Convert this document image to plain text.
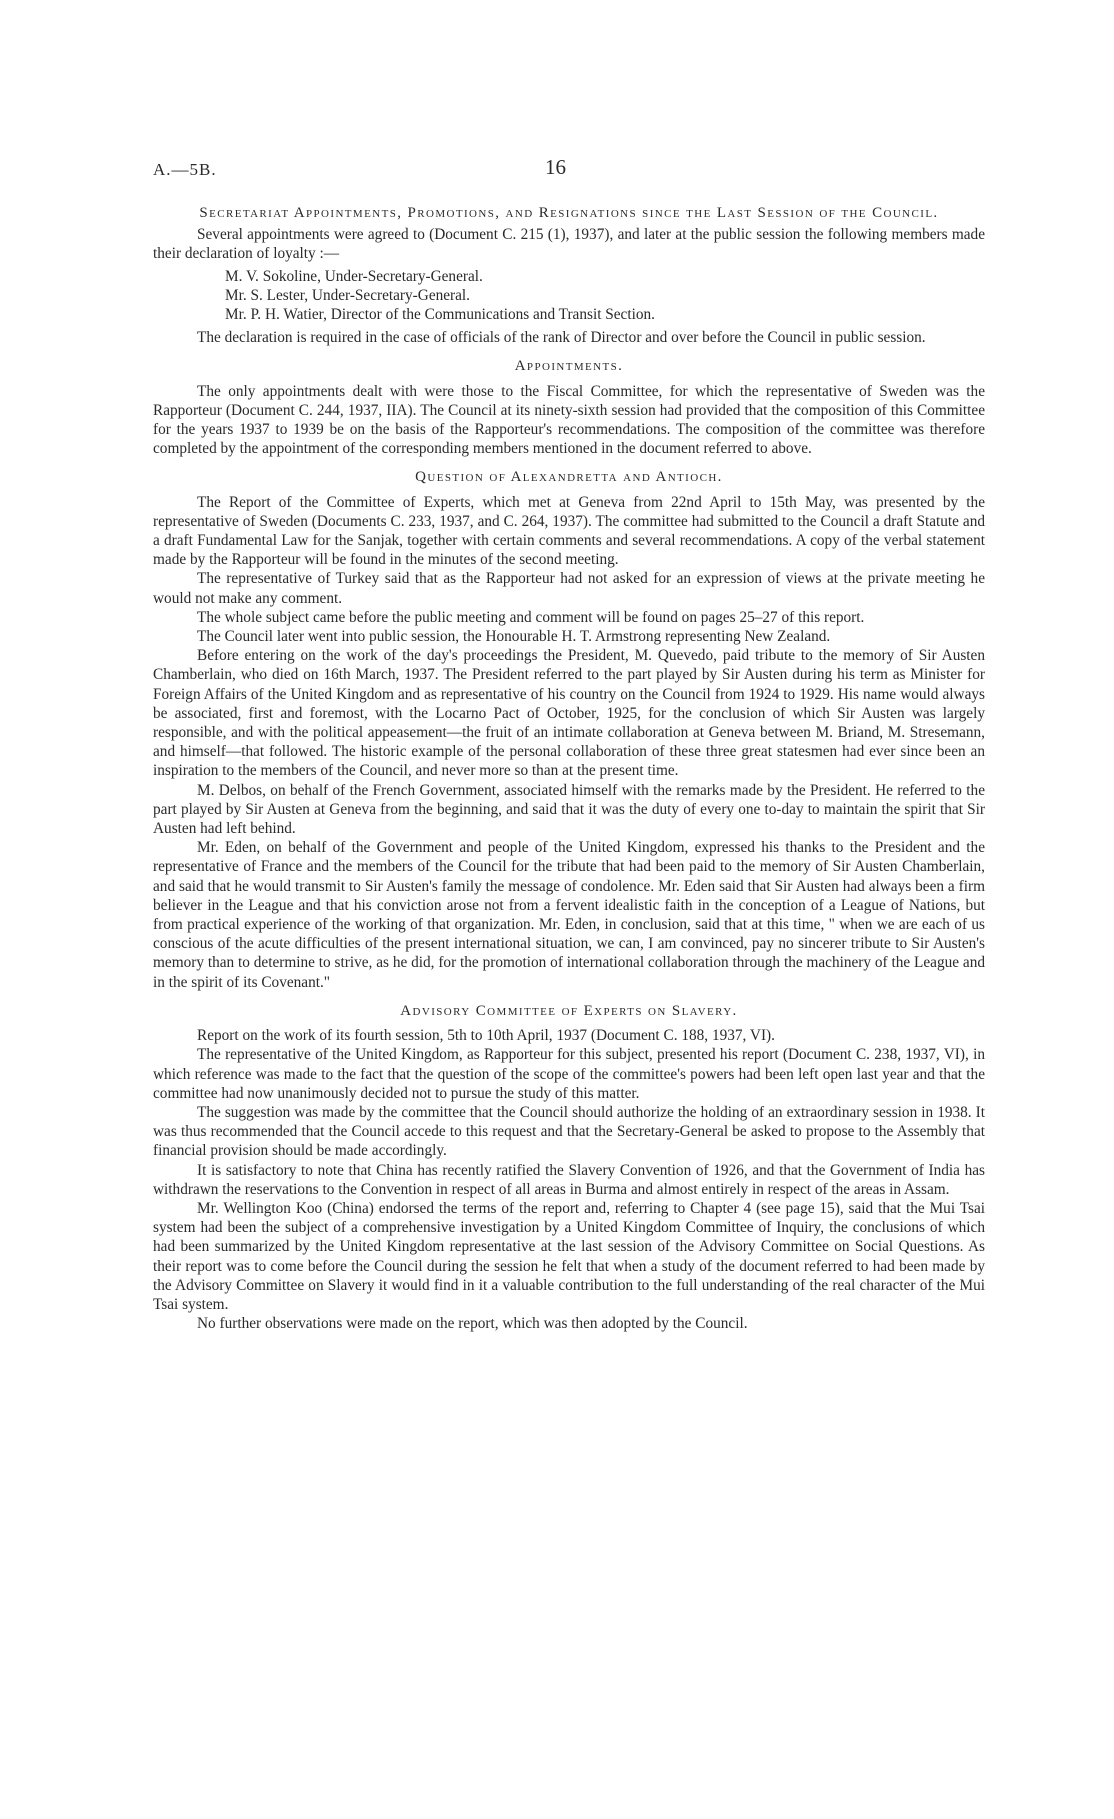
A.—5B.	16
Secretariat Appointments, Promotions, and Resignations since the Last Session of the Council.

Several appointments were agreed to (Document C. 215 (1), 1937), and later at the public session the following members made their declaration of loyalty :—

M. V. Sokoline, Under-Secretary-General.
Mr. S. Lester, Under-Secretary-General.
Mr. P. H. Watier, Director of the Communications and Transit Section.

The declaration is required in the case of officials of the rank of Director and over before the Council in public session.

Appointments.

The only appointments dealt with were those to the Fiscal Committee, for which the representative of Sweden was the Rapporteur (Document C. 244, 1937, IIA). The Council at its ninety-sixth session had provided that the composition of this Committee for the years 1937 to 1939 be on the basis of the Rapporteur's recommendations. The composition of the committee was therefore completed by the appointment of the corresponding members mentioned in the document referred to above.

Question of Alexandretta and Antioch.

The Report of the Committee of Experts, which met at Geneva from 22nd April to 15th May, was presented by the representative of Sweden (Documents C. 233, 1937, and C. 264, 1937). The committee had submitted to the Council a draft Statute and a draft Fundamental Law for the Sanjak, together with certain comments and several recommendations. A copy of the verbal statement made by the Rapporteur will be found in the minutes of the second meeting.

The representative of Turkey said that as the Rapporteur had not asked for an expression of views at the private meeting he would not make any comment.

The whole subject came before the public meeting and comment will be found on pages 25–27 of this report.

The Council later went into public session, the Honourable H. T. Armstrong representing New Zealand.

Before entering on the work of the day's proceedings the President, M. Quevedo, paid tribute to the memory of Sir Austen Chamberlain, who died on 16th March, 1937. The President referred to the part played by Sir Austen during his term as Minister for Foreign Affairs of the United Kingdom and as representative of his country on the Council from 1924 to 1929. His name would always be associated, first and foremost, with the Locarno Pact of October, 1925, for the conclusion of which Sir Austen was largely responsible, and with the political appeasement—the fruit of an intimate collaboration at Geneva between M. Briand, M. Stresemann, and himself—that followed. The historic example of the personal collaboration of these three great statesmen had ever since been an inspiration to the members of the Council, and never more so than at the present time.

M. Delbos, on behalf of the French Government, associated himself with the remarks made by the President. He referred to the part played by Sir Austen at Geneva from the beginning, and said that it was the duty of every one to-day to maintain the spirit that Sir Austen had left behind.

Mr. Eden, on behalf of the Government and people of the United Kingdom, expressed his thanks to the President and the representative of France and the members of the Council for the tribute that had been paid to the memory of Sir Austen Chamberlain, and said that he would transmit to Sir Austen's family the message of condolence. Mr. Eden said that Sir Austen had always been a firm believer in the League and that his conviction arose not from a fervent idealistic faith in the conception of a League of Nations, but from practical experience of the working of that organization. Mr. Eden, in conclusion, said that at this time, " when we are each of us conscious of the acute difficulties of the present international situation, we can, I am convinced, pay no sincerer tribute to Sir Austen's memory than to determine to strive, as he did, for the promotion of international collaboration through the machinery of the League and in the spirit of its Covenant."

Advisory Committee of Experts on Slavery.

Report on the work of its fourth session, 5th to 10th April, 1937 (Document C. 188, 1937, VI).

The representative of the United Kingdom, as Rapporteur for this subject, presented his report (Document C. 238, 1937, VI), in which reference was made to the fact that the question of the scope of the committee's powers had been left open last year and that the committee had now unanimously decided not to pursue the study of this matter.

The suggestion was made by the committee that the Council should authorize the holding of an extraordinary session in 1938. It was thus recommended that the Council accede to this request and that the Secretary-General be asked to propose to the Assembly that financial provision should be made accordingly.

It is satisfactory to note that China has recently ratified the Slavery Convention of 1926, and that the Government of India has withdrawn the reservations to the Convention in respect of all areas in Burma and almost entirely in respect of the areas in Assam.

Mr. Wellington Koo (China) endorsed the terms of the report and, referring to Chapter 4 (see page 15), said that the Mui Tsai system had been the subject of a comprehensive investigation by a United Kingdom Committee of Inquiry, the conclusions of which had been summarized by the United Kingdom representative at the last session of the Advisory Committee on Social Questions. As their report was to come before the Council during the session he felt that when a study of the document referred to had been made by the Advisory Committee on Slavery it would find in it a valuable contribution to the full understanding of the real character of the Mui Tsai system.

No further observations were made on the report, which was then adopted by the Council.
